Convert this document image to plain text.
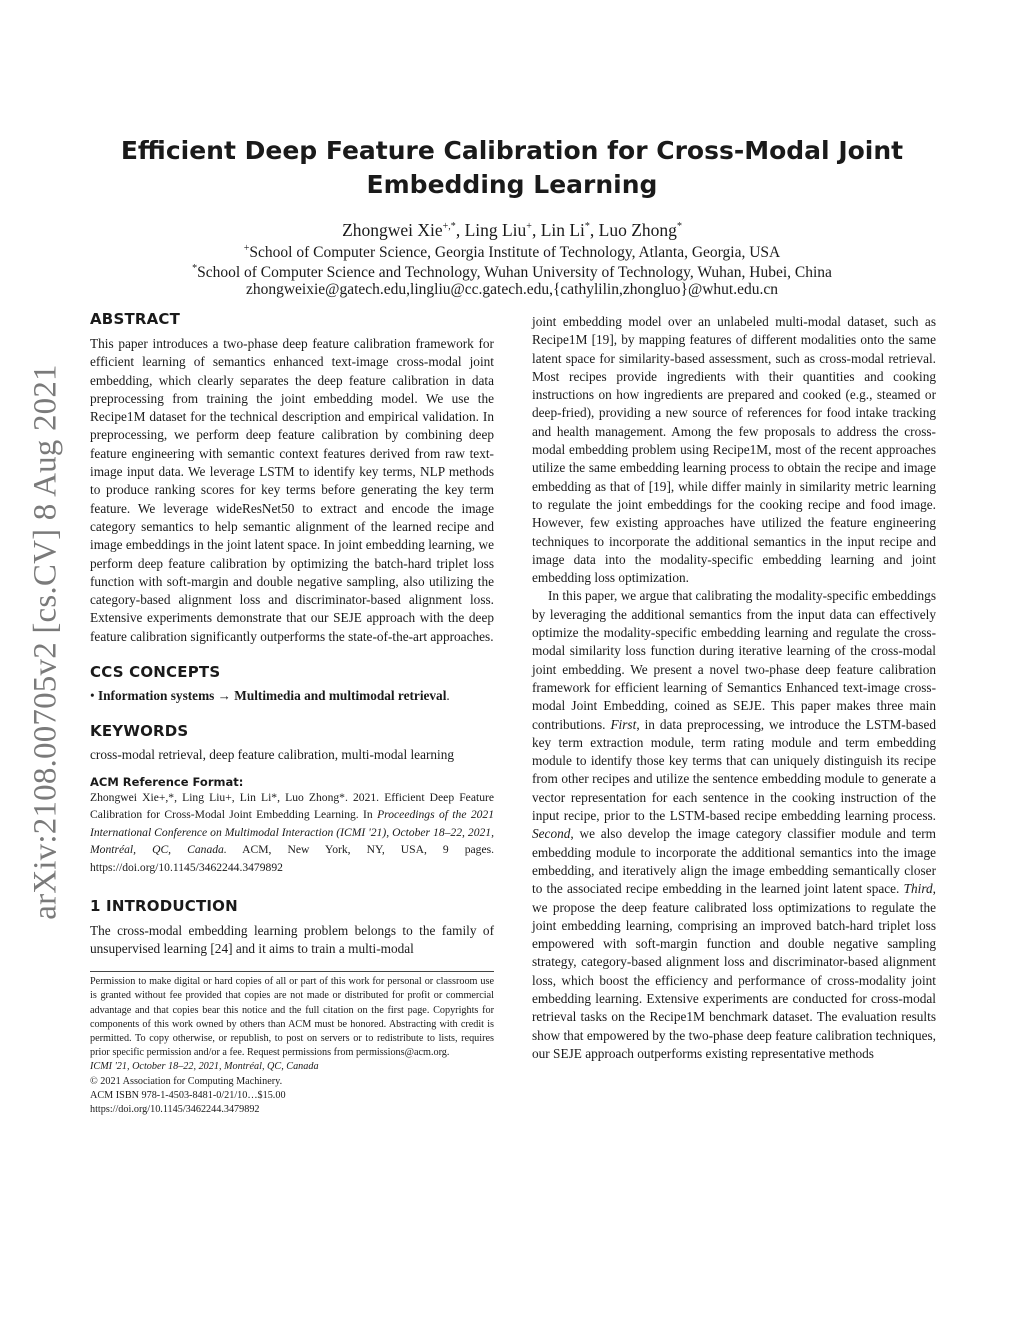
arXiv:2108.00705v2 [cs.CV] 8 Aug 2021
Efficient Deep Feature Calibration for Cross-Modal Joint
Embedding Learning
Zhongwei Xie+,*, Ling Liu+, Lin Li*, Luo Zhong*
+School of Computer Science, Georgia Institute of Technology, Atlanta, Georgia, USA
*School of Computer Science and Technology, Wuhan University of Technology, Wuhan, Hubei, China
zhongweixie@gatech.edu,lingliu@cc.gatech.edu,{cathylilin,zhongluo}@whut.edu.cn
ABSTRACT

This paper introduces a two-phase deep feature calibration framework for efficient learning of semantics enhanced text-image cross-modal joint embedding, which clearly separates the deep feature calibration in data preprocessing from training the joint embedding model. We use the Recipe1M dataset for the technical description and empirical validation. In preprocessing, we perform deep feature calibration by combining deep feature engineering with semantic context features derived from raw text-image input data. We leverage LSTM to identify key terms, NLP methods to produce ranking scores for key terms before generating the key term feature. We leverage wideResNet50 to extract and encode the image category semantics to help semantic alignment of the learned recipe and image embeddings in the joint latent space. In joint embedding learning, we perform deep feature calibration by optimizing the batch-hard triplet loss function with soft-margin and double negative sampling, also utilizing the category-based alignment loss and discriminator-based alignment loss. Extensive experiments demonstrate that our SEJE approach with the deep feature calibration significantly outperforms the state-of-the-art approaches.

CCS CONCEPTS

• Information systems → Multimedia and multimodal retrieval.

KEYWORDS

cross-modal retrieval, deep feature calibration, multi-modal learning

ACM Reference Format:

Zhongwei Xie+,*, Ling Liu+, Lin Li*, Luo Zhong*. 2021. Efficient Deep Feature Calibration for Cross-Modal Joint Embedding Learning. In Proceedings of the 2021 International Conference on Multimodal Interaction (ICMI '21), October 18–22, 2021, Montréal, QC, Canada. ACM, New York, NY, USA, 9 pages. https://doi.org/10.1145/3462244.3479892

1 INTRODUCTION

The cross-modal embedding learning problem belongs to the family of unsupervised learning [24] and it aims to train a multi-modal

Permission to make digital or hard copies of all or part of this work for personal or classroom use is granted without fee provided that copies are not made or distributed for profit or commercial advantage and that copies bear this notice and the full citation on the first page. Copyrights for components of this work owned by others than ACM must be honored. Abstracting with credit is permitted. To copy otherwise, or republish, to post on servers or to redistribute to lists, requires prior specific permission and/or a fee. Request permissions from permissions@acm.org.

ICMI '21, October 18–22, 2021, Montréal, QC, Canada

© 2021 Association for Computing Machinery.

ACM ISBN 978-1-4503-8481-0/21/10…$15.00

https://doi.org/10.1145/3462244.3479892

joint embedding model over an unlabeled multi-modal dataset, such as Recipe1M [19], by mapping features of different modalities onto the same latent space for similarity-based assessment, such as cross-modal retrieval. Most recipes provide ingredients with their quantities and cooking instructions on how ingredients are prepared and cooked (e.g., steamed or deep-fried), providing a new source of references for food intake tracking and health management. Among the few proposals to address the cross-modal embedding problem using Recipe1M, most of the recent approaches utilize the same embedding learning process to obtain the recipe and image embedding as that of [19], while differ mainly in similarity metric learning to regulate the joint embeddings for the cooking recipe and food image. However, few existing approaches have utilized the feature engineering techniques to incorporate the additional semantics in the input recipe and image data into the modality-specific embedding learning and joint embedding loss optimization.

In this paper, we argue that calibrating the modality-specific embeddings by leveraging the additional semantics from the input data can effectively optimize the modality-specific embedding learning and regulate the cross-modal similarity loss function during iterative learning of the cross-modal joint embedding. We present a novel two-phase deep feature calibration framework for efficient learning of Semantics Enhanced text-image cross-modal Joint Embedding, coined as SEJE. This paper makes three main contributions. First, in data preprocessing, we introduce the LSTM-based key term extraction module, term rating module and term embedding module to identify those key terms that can uniquely distinguish its recipe from other recipes and utilize the sentence embedding module to generate a vector representation for each sentence in the cooking instruction of the input recipe, prior to the LSTM-based recipe embedding learning process. Second, we also develop the image category classifier module and term embedding module to incorporate the additional semantics into the image embedding, and iteratively align the image embedding semantically closer to the associated recipe embedding in the learned joint latent space. Third, we propose the deep feature calibrated loss optimizations to regulate the joint embedding learning, comprising an improved batch-hard triplet loss empowered with soft-margin function and double negative sampling strategy, category-based alignment loss and discriminator-based alignment loss, which boost the efficiency and performance of cross-modality joint embedding learning. Extensive experiments are conducted for cross-modal retrieval tasks on the Recipe1M benchmark dataset. The evaluation results show that empowered by the two-phase deep feature calibration techniques, our SEJE approach outperforms existing representative methods
